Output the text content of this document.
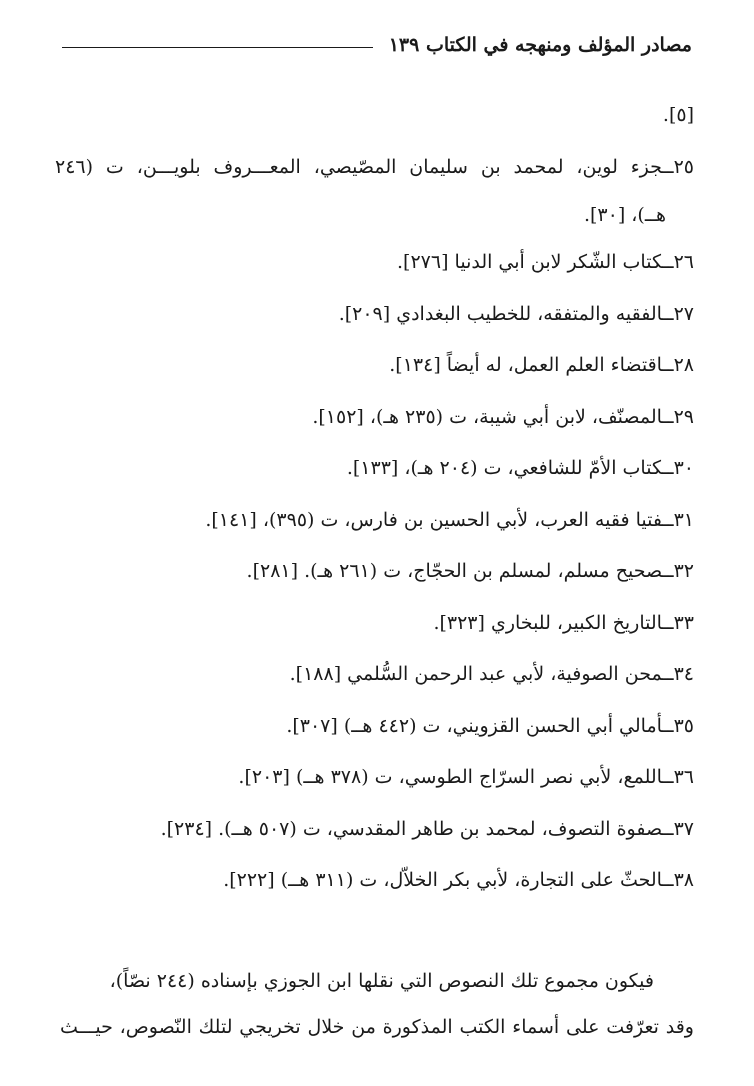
مصادر المؤلف ومنهجه في الكتاب ١٣٩
[٥].
٢٥ــجزء لوين، لمحمد بن سليمان المصّيصي، المعـــروف بلويـــن، ت (٢٤٦
هــ)، [٣٠].
٢٦ــكتاب الشّكر لابن أبي الدنيا [٢٧٦].
٢٧ــالفقيه والمتفقه، للخطيب البغدادي [٢٠٩].
٢٨ــاقتضاء العلم العمل، له أيضاً [١٣٤].
٢٩ــالمصنّف، لابن أبي شيبة، ت (٢٣٥ هـ)، [١٥٢].
٣٠ــكتاب الأمّ للشافعي، ت (٢٠٤ هـ)، [١٣٣].
٣١ــفتيا فقيه العرب، لأبي الحسين بن فارس، ت (٣٩٥)، [١٤١].
٣٢ــصحيح مسلم، لمسلم بن الحجّاج، ت (٢٦١ هـ). [٢٨١].
٣٣ــالتاريخ الكبير، للبخاري [٣٢٣].
٣٤ــمحن الصوفية، لأبي عبد الرحمن السُّلمي [١٨٨].
٣٥ــأمالي أبي الحسن القزويني، ت (٤٤٢ هــ) [٣٠٧].
٣٦ــاللمع، لأبي نصر السرّاج الطوسي، ت (٣٧٨ هــ) [٢٠٣].
٣٧ــصفوة التصوف، لمحمد بن طاهر المقدسي، ت (٥٠٧ هــ). [٢٣٤].
٣٨ــالحثّ على التجارة، لأبي بكر الخلاّل، ت (٣١١ هــ) [٢٢٢].
فيكون مجموع تلك النصوص التي نقلها ابن الجوزي بإسناده (٢٤٤ نصّاً)،
وقد تعرّفت على أسماء الكتب المذكورة من خلال تخريجي لتلك النّصوص، حيـــث
